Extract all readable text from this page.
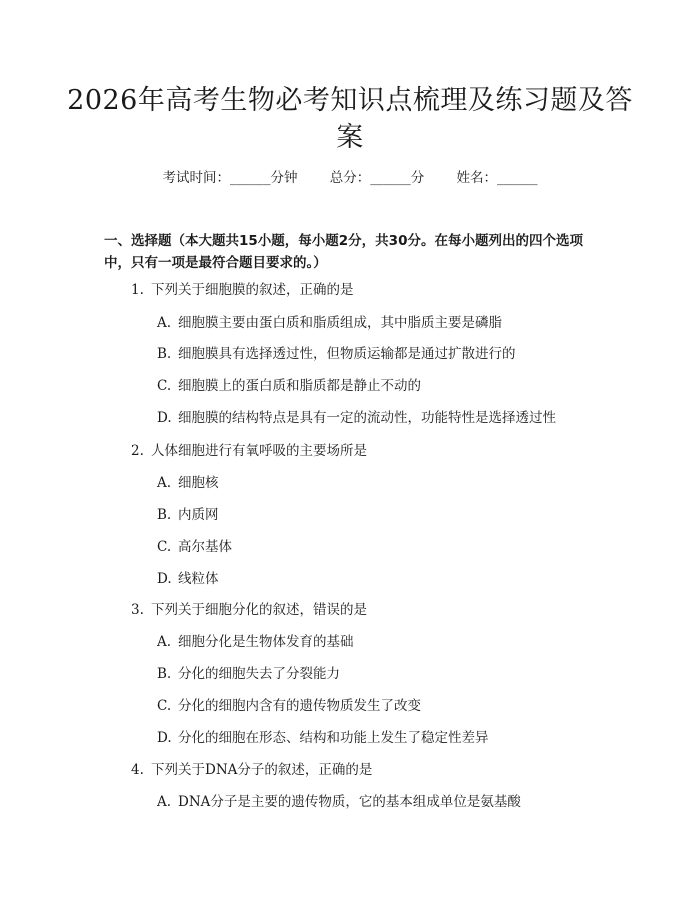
2026年高考生物必考知识点梳理及练习题及答案
考试时间：______分钟 总分：______分 姓名：______
一、选择题（本大题共15小题，每小题2分，共30分。在每小题列出的四个选项中，只有一项是最符合题目要求的。）
1. 下列关于细胞膜的叙述，正确的是
A. 细胞膜主要由蛋白质和脂质组成，其中脂质主要是磷脂
B. 细胞膜具有选择透过性，但物质运输都是通过扩散进行的
C. 细胞膜上的蛋白质和脂质都是静止不动的
D. 细胞膜的结构特点是具有一定的流动性，功能特性是选择透过性
2. 人体细胞进行有氧呼吸的主要场所是
A. 细胞核
B. 内质网
C. 高尔基体
D. 线粒体
3. 下列关于细胞分化的叙述，错误的是
A. 细胞分化是生物体发育的基础
B. 分化的细胞失去了分裂能力
C. 分化的细胞内含有的遗传物质发生了改变
D. 分化的细胞在形态、结构和功能上发生了稳定性差异
4. 下列关于DNA分子的叙述，正确的是
A. DNA分子是主要的遗传物质，它的基本组成单位是氨基酸
